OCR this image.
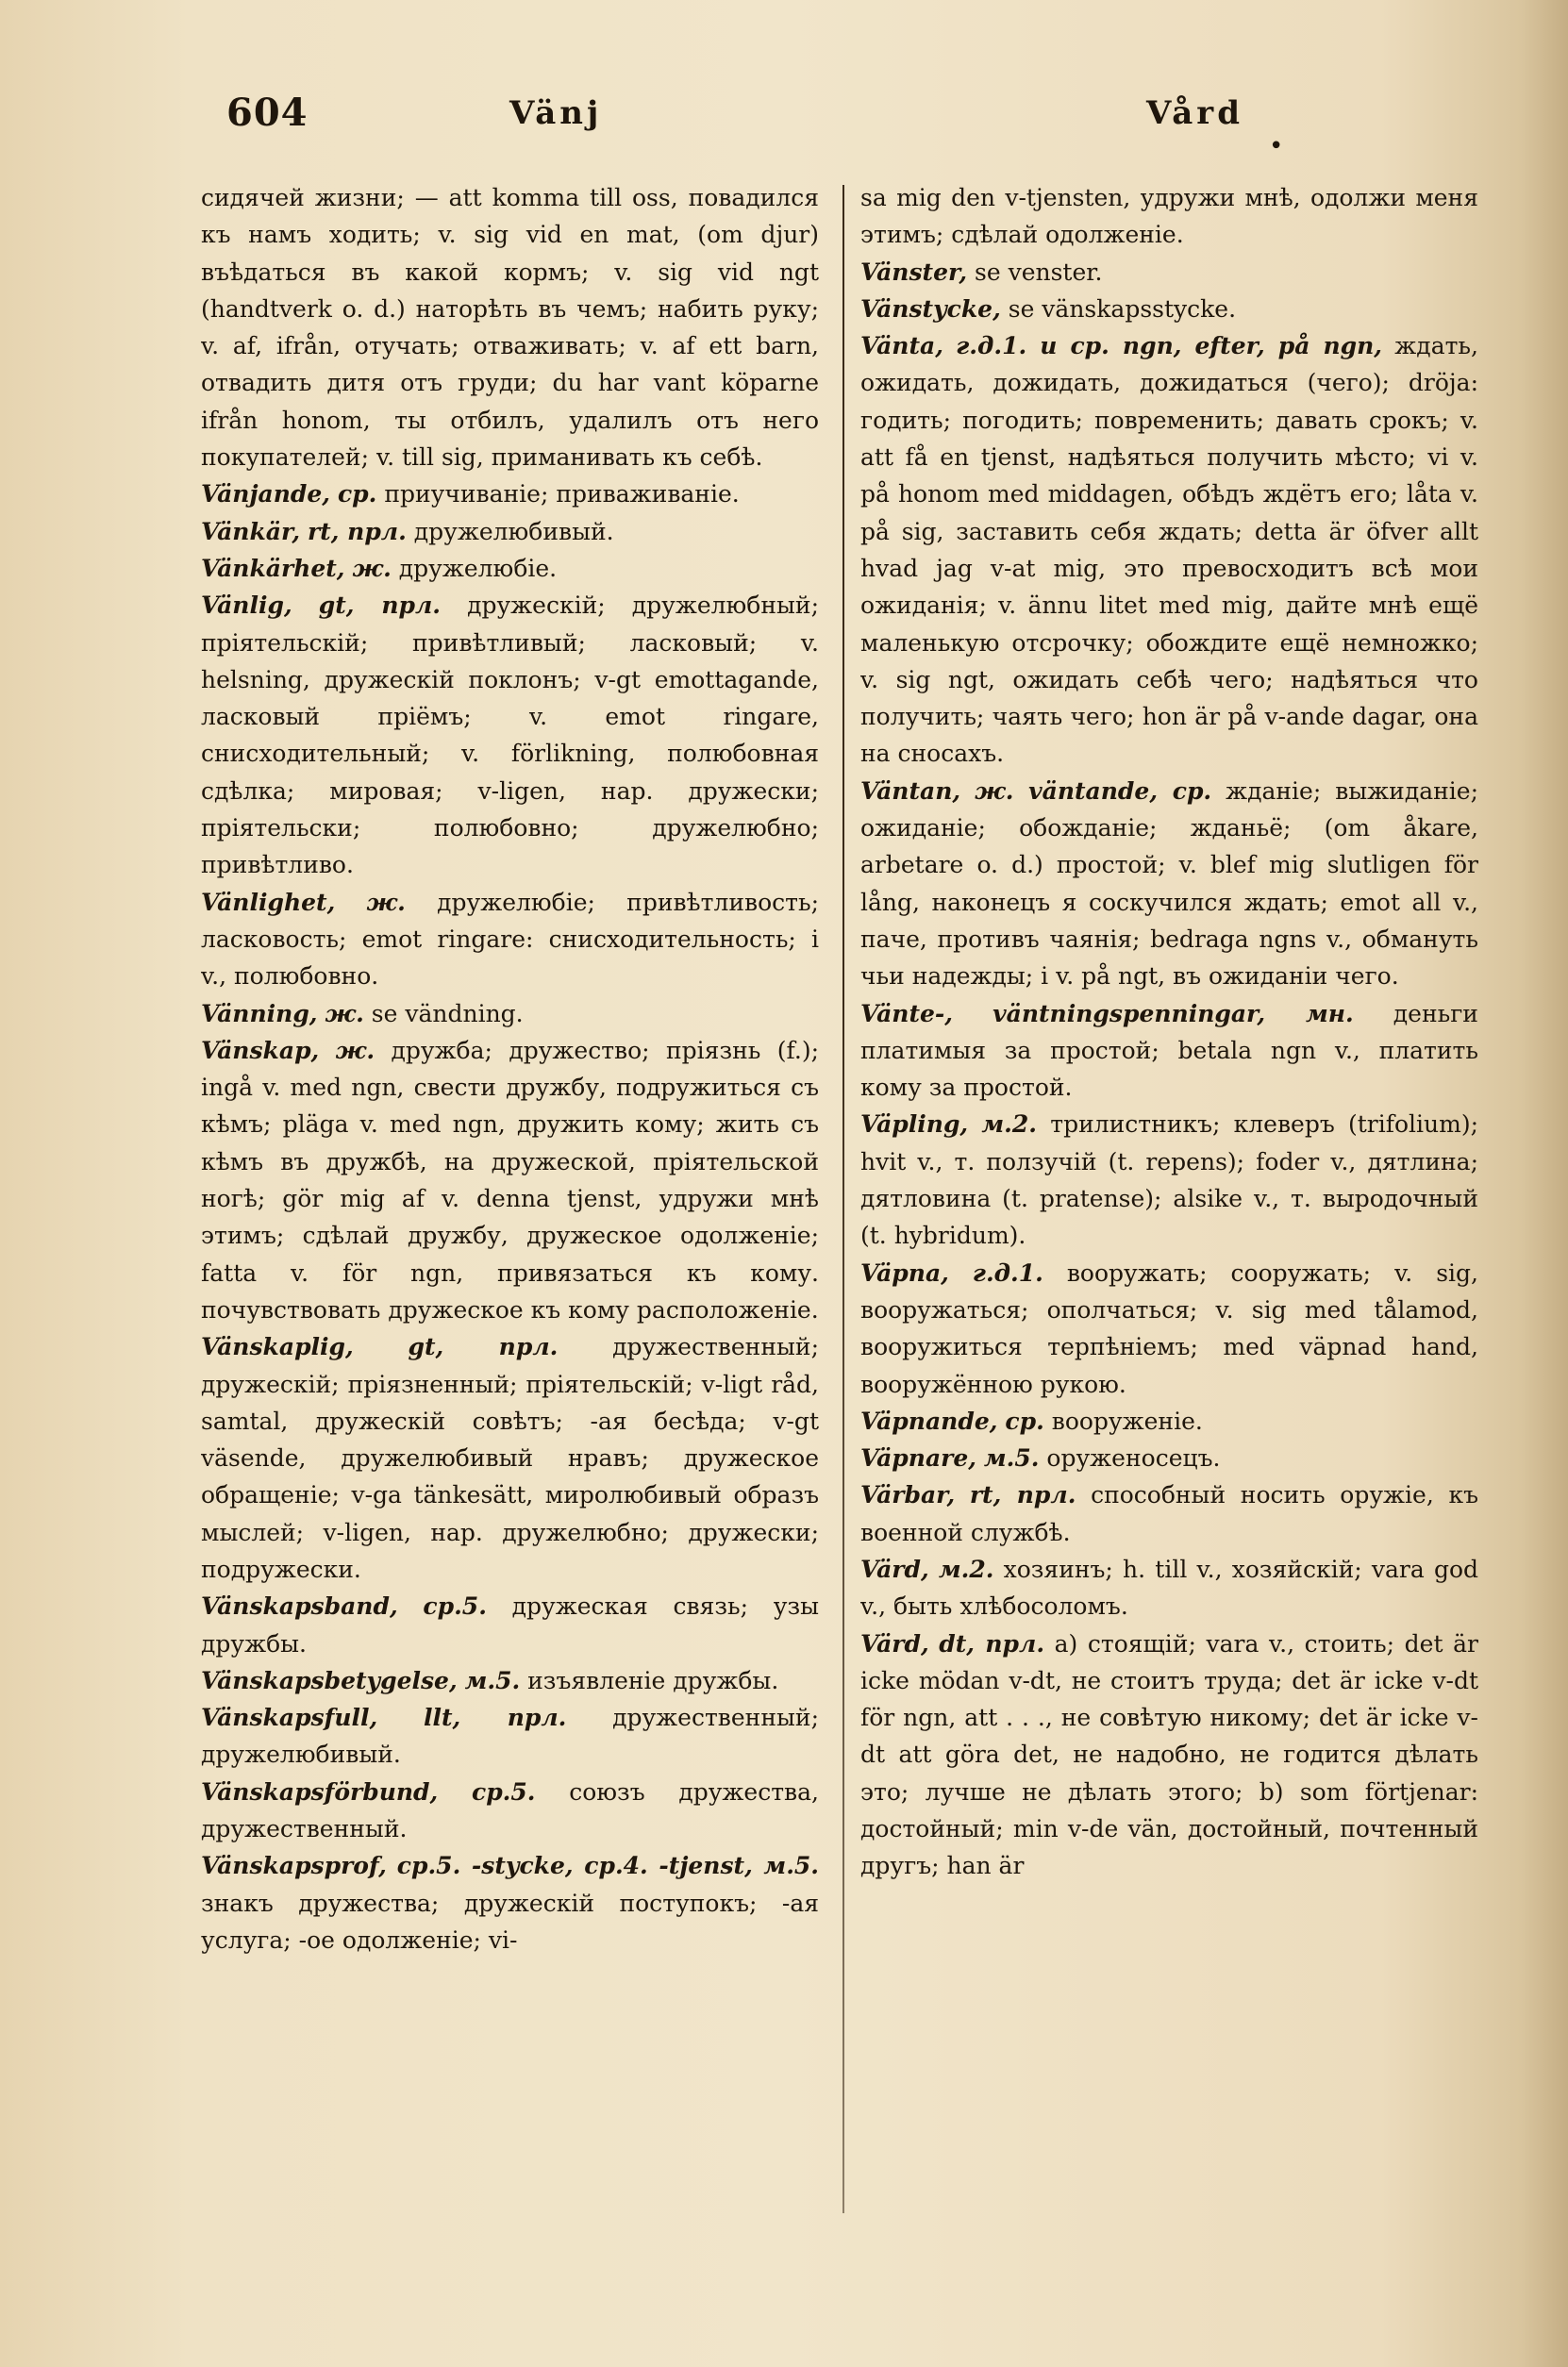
604	Vänj	Vård
•

сидячей жизни; — att komma till oss, повадился къ намъ ходить; v. sig vid en mat, (om djur) въѣдаться въ какой кормъ; v. sig vid ngt (handtverk o. d.) наторѣть въ чемъ; набить руку; v. af, ifrån, отучать; отваживать; v. af ett barn, отвадить дитя отъ груди; du har vant köparne ifrån honom, ты отбилъ, удалилъ отъ него покупателей; v. till sig, приманивать къ себѣ.

Vänjande, ср. приучиваніе; приваживаніе.

Vänkär, rt, прл. дружелюбивый.

Vänkärhet, ж. дружелюбіе.

Vänlig, gt, прл. дружескій; дружелюбный; пріятельскій; привѣтливый; ласковый; v. helsning, дружескій поклонъ; v-gt emottagande, ласковый пріёмъ; v. emot ringare, снисходительный; v. förlikning, полюбовная сдѣлка; мировая; v-ligen, нар. дружески; пріятельски; полюбовно; дружелюбно; привѣтливо.

Vänlighet, ж. дружелюбіе; привѣтливость; ласковость; emot ringare: снисходительность; i v., полюбовно.

Vänning, ж. se vändning.

Vänskap, ж. дружба; дружество; пріязнь (f.); ingå v. med ngn, свести дружбу, подружиться съ кѣмъ; pläga v. med ngn, дружить кому; жить съ кѣмъ въ дружбѣ, на дружеской, пріятельской ногѣ; gör mig af v. denna tjenst, удружи мнѣ этимъ; сдѣлай дружбу, дружеское одолженіе; fatta v. för ngn, привязаться къ кому. почувствовать дружеское къ кому расположеніе.

Vänskaplig, gt, прл. дружественный; дружескій; пріязненный; пріятельскій; v-ligt råd, samtal, дружескій совѣтъ; -ая бесѣда; v-gt väsende, дружелюбивый нравъ; дружеское обращеніе; v-ga tänkesätt, миролюбивый образъ мыслей; v-ligen, нар. дружелюбно; дружески; подружески.

Vänskapsband, ср.5. дружеская связь; узы дружбы.

Vänskapsbetygelse, м.5. изъявленіе дружбы.

Vänskapsfull, llt, прл. дружественный; дружелюбивый.

Vänskapsförbund, ср.5. союзъ дружества, дружественный.

Vänskapsprof, ср.5. -stycke, ср.4. -tjenst, м.5. знакъ дружества; дружескій поступокъ; -ая услуга; -ое одолженіе; vi-

sa mig den v-tjensten, удружи мнѣ, одолжи меня этимъ; сдѣлай одолженіе.

Vänster, se venster.

Vänstycke, se vänskapsstycke.

Vänta, г.д.1. и ср. ngn, efter, på ngn, ждать, ожидать, дожидать, дожидаться (чего); dröja: годить; погодить; повременить; давать срокъ; v. att få en tjenst, надѣяться получить мѣсто; vi v. på honom med middagen, обѣдъ ждётъ его; låta v. på sig, заставить себя ждать; detta är öfver allt hvad jag v-at mig, это превосходитъ всѣ мои ожиданія; v. ännu litet med mig, дайте мнѣ ещё маленькую отсрочку; обождите ещё немножко; v. sig ngt, ожидать себѣ чего; надѣяться что получить; чаять чего; hon är på v-ande dagar, она на сносахъ.

Väntan, ж. väntande, ср. жданіе; выжиданіе; ожиданіе; обожданіе; жданьё; (om åkare, arbetare o. d.) простой; v. blef mig slutligen för lång, наконецъ я соскучился ждать; emot all v., паче, противъ чаянія; bedraga ngns v., обмануть чьи надежды; i v. på ngt, въ ожиданіи чего.

Vänte-, väntningspenningar, мн. деньги платимыя за простой; betala ngn v., платить кому за простой.

Väpling, м.2. трилистникъ; клеверъ (trifolium); hvit v., т. ползучій (t. repens); foder v., дятлина; дятловина (t. pratense); alsike v., т. выродочный (t. hybridum).

Väpna, г.д.1. вооружать; сооружать; v. sig, вооружаться; ополчаться; v. sig med tålamod, вооружиться терпѣніемъ; med väpnad hand, вооружённою рукою.

Väpnande, ср. вооруженіе.

Väpnare, м.5. оруженосецъ.

Värbar, rt, прл. способный носить оружіе, къ военной службѣ.

Värd, м.2. хозяинъ; h. till v., хозяйскій; vara god v., быть хлѣбосоломъ.

Värd, dt, прл. a) стоящій; vara v., стоить; det är icke mödan v-dt, не стоитъ труда; det är icke v-dt för ngn, att . . ., не совѣтую никому; det är icke v-dt att göra det, не надобно, не годится дѣлать это; лучше не дѣлать этого; b) som förtjenar: достойный; min v-de vän, достойный, почтенный другъ; han är
